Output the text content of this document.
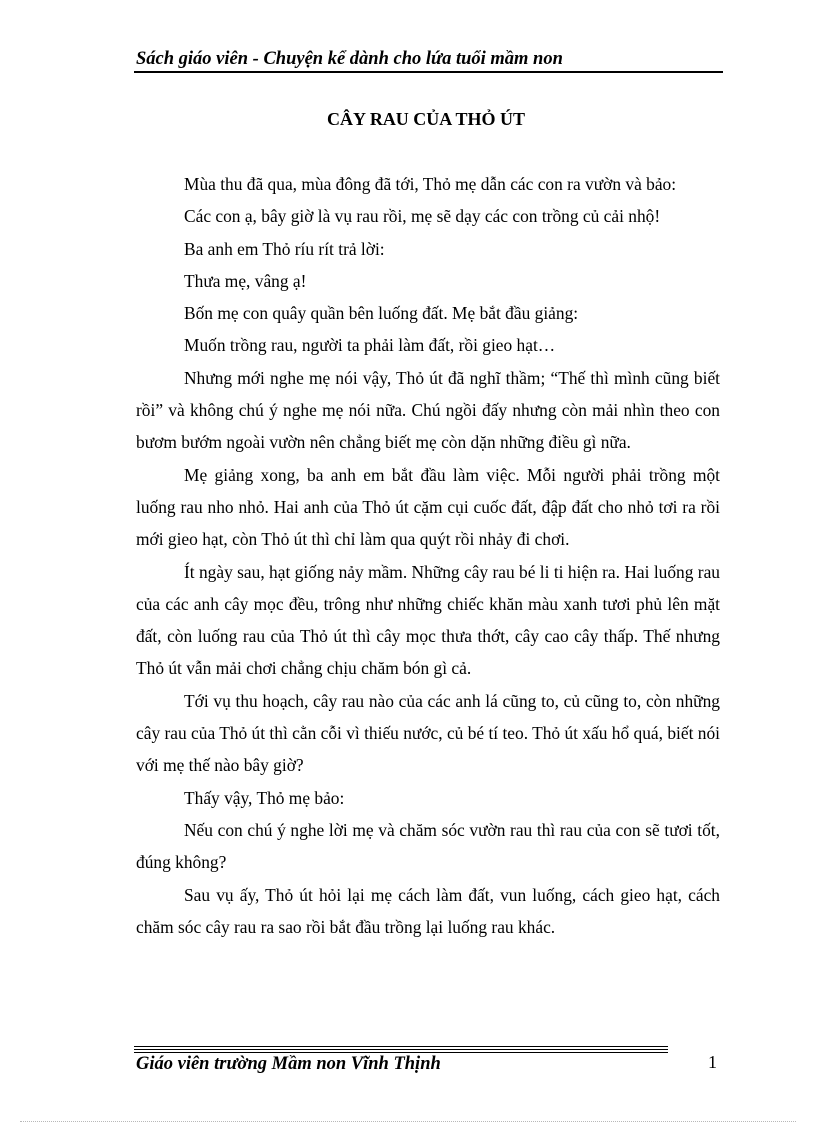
Sách giáo viên - Chuyện kể dành cho lứa tuổi mầm non
CÂY RAU CỦA THỎ ÚT

Mùa thu đã qua, mùa đông đã tới, Thỏ mẹ dẫn các con ra vườn và bảo:

Các con ạ, bây giờ là vụ rau rồi, mẹ sẽ dạy các con trồng củ cải nhộ!

Ba anh em Thỏ ríu rít trả lời:

Thưa mẹ, vâng ạ!

Bốn mẹ con quây quần bên luống đất. Mẹ bắt đầu giảng:

Muốn trồng rau, người ta phải làm đất, rồi gieo hạt…

Nhưng mới nghe mẹ nói vậy, Thỏ út đã nghĩ thầm; “Thế thì mình cũng biết rồi” và không chú ý nghe mẹ nói nữa. Chú ngồi đấy nhưng còn mải nhìn theo con bươm bướm ngoài vườn nên chẳng biết mẹ còn dặn những điều gì nữa.

Mẹ giảng xong, ba anh em bắt đầu làm việc. Mỗi người phải trồng một luống rau nho nhỏ. Hai anh của Thỏ út cặm cụi cuốc đất, đập đất cho nhỏ tơi ra rồi mới gieo hạt, còn Thỏ út thì chỉ làm qua quýt rồi nhảy đi chơi.

Ít ngày sau, hạt giống nảy mầm. Những cây rau bé li ti hiện ra. Hai luống rau của các anh cây mọc đều, trông như những chiếc khăn màu xanh tươi phủ lên mặt đất, còn luống rau của Thỏ út thì cây mọc thưa thớt, cây cao cây thấp. Thế nhưng Thỏ út vẫn mải chơi chẳng chịu chăm bón gì cả.

Tới vụ thu hoạch, cây rau nào của các anh lá cũng to, củ cũng to, còn những cây rau của Thỏ út thì cằn cỗi vì thiếu nước, củ bé tí teo. Thỏ út xấu hổ quá, biết nói với mẹ thế nào bây giờ?

Thấy vậy, Thỏ mẹ bảo:

Nếu con chú ý nghe lời mẹ và chăm sóc vườn rau thì rau của con sẽ tươi tốt, đúng không?

Sau vụ ấy, Thỏ út hỏi lại mẹ cách làm đất, vun luống, cách gieo hạt, cách chăm sóc cây rau ra sao rồi bắt đầu trồng lại luống rau khác.

Giáo viên trường Mầm non Vĩnh Thịnh	1
